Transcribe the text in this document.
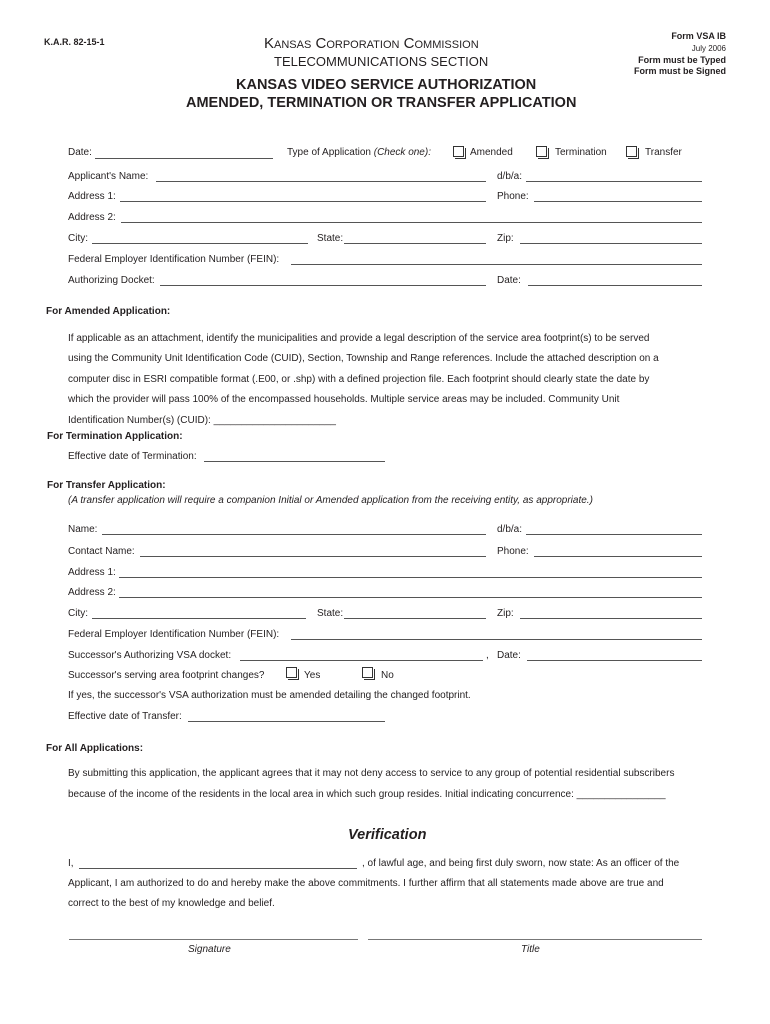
K.A.R. 82-15-1	KANSAS CORPORATION COMMISSION
TELECOMMUNICATIONS SECTION
Form VSA IB
July 2006
Form must be Typed
Form must be Signed
KANSAS VIDEO SERVICE AUTHORIZATION
AMENDED, TERMINATION OR TRANSFER APPLICATION
Date:	Type of Application (Check one):	Amended	Termination	Transfer
Applicant's Name:	d/b/a:
Address 1:	Phone:
Address 2:
City:	State:	Zip:
Federal Employer Identification Number (FEIN):
Authorizing Docket:	Date:
For Amended Application:
If applicable as an attachment, identify the municipalities and provide a legal description of the service area footprint(s) to be served
using the Community Unit Identification Code (CUID), Section, Township and Range references. Include the attached description on a
computer disc in ESRI compatible format (.E00, or .shp) with a defined projection file. Each footprint should clearly state the date by
which the provider will pass 100% of the encompassed households. Multiple service areas may be included. Community Unit
Identification Number(s) (CUID): ______________________
For Termination Application:
Effective date of Termination:
For Transfer Application:
(A transfer application will require a companion Initial or Amended application from the receiving entity, as appropriate.)
Name:	d/b/a:
Contact Name:	Phone:
Address 1:
Address 2:
City:	State:	Zip:
Federal Employer Identification Number (FEIN):
Successor's Authorizing VSA docket:	, Date:
Successor's serving area footprint changes?	Yes	No
If yes, the successor's VSA authorization must be amended detailing the changed footprint.
Effective date of Transfer:
For All Applications:
By submitting this application, the applicant agrees that it may not deny access to service to any group of potential residential subscribers
because of the income of the residents in the local area in which such group resides. Initial indicating concurrence: ________________
Verification
I,	, of lawful age, and being first duly sworn, now state: As an officer of the
Applicant, I am authorized to do and hereby make the above commitments. I further affirm that all statements made above are true and
correct to the best of my knowledge and belief.
Signature	Title
